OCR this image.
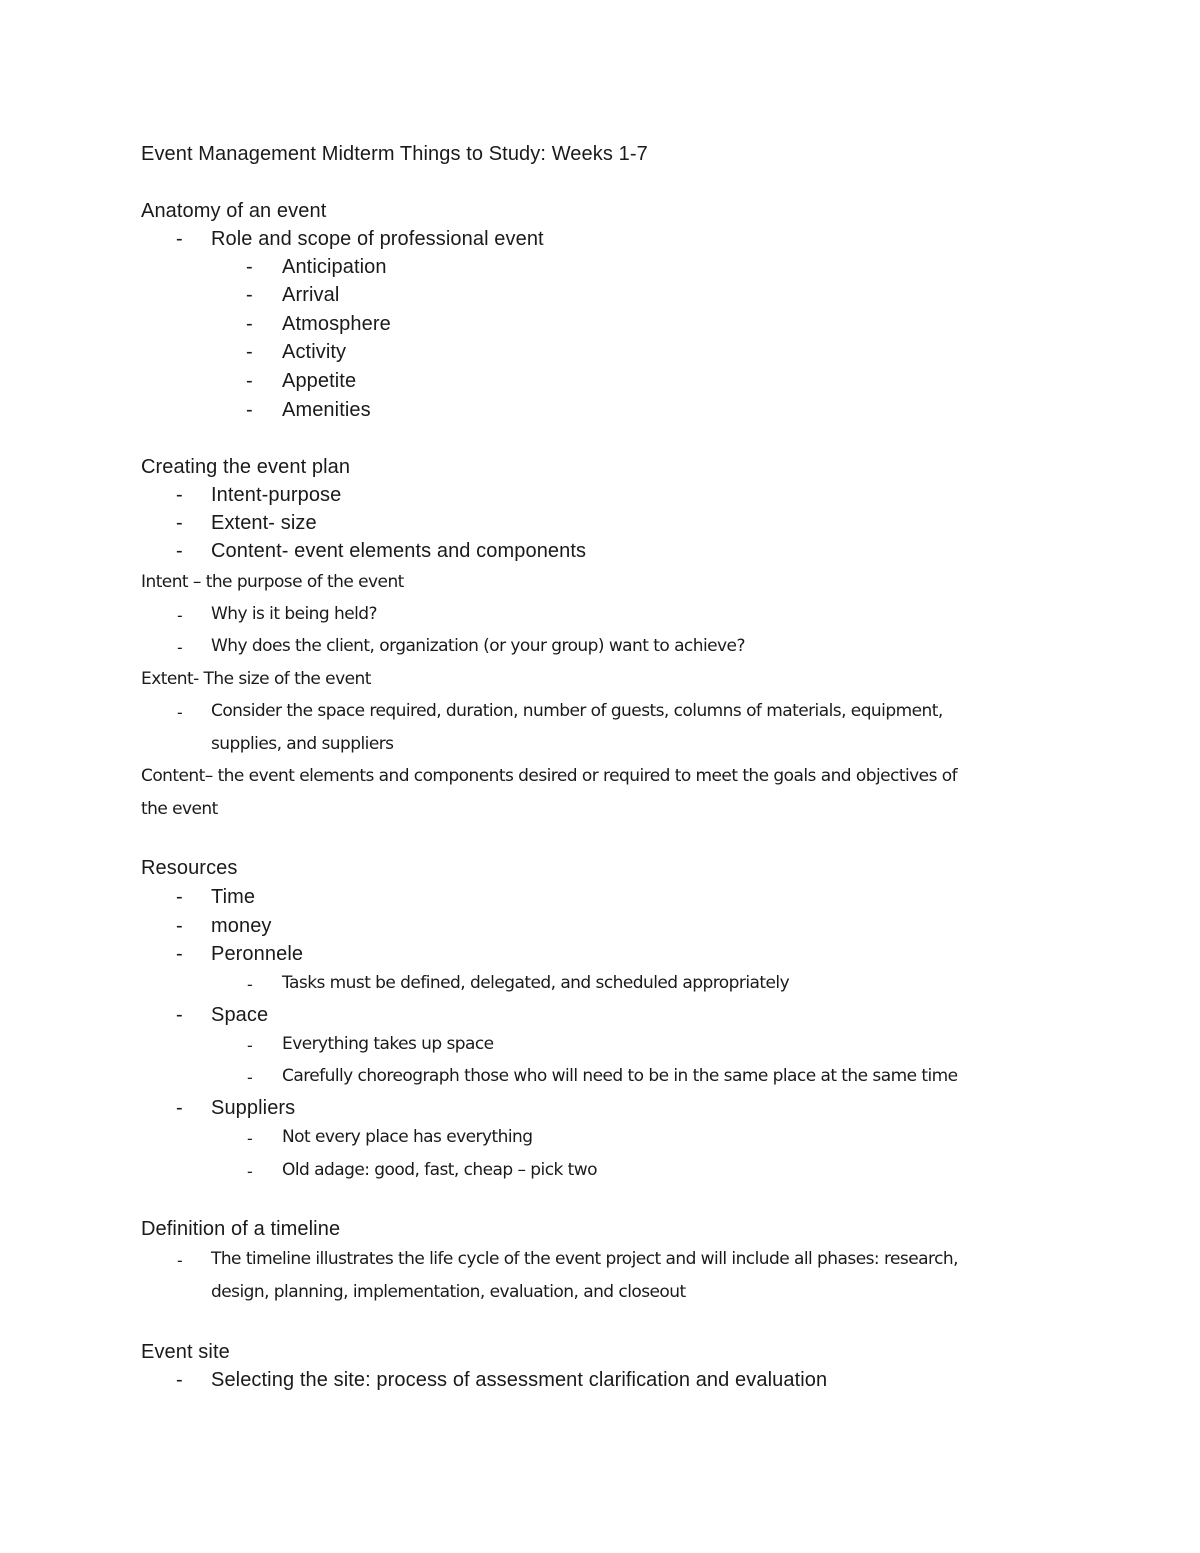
Event Management Midterm Things to Study: Weeks 1-7
Anatomy of an event
- Role and scope of professional event
- Anticipation
- Arrival
- Atmosphere
- Activity
- Appetite
- Amenities
Creating the event plan
- Intent-purpose
- Extent- size
- Content- event elements and components
Intent – the purpose of the event
- Why is it being held?
- Why does the client, organization (or your group) want to achieve?
Extent- The size of the event
- Consider the space required, duration, number of guests, columns of materials, equipment,
supplies, and suppliers
Content– the event elements and components desired or required to meet the goals and objectives of
the event
Resources
- Time
- money
- Peronnele
- Tasks must be defined, delegated, and scheduled appropriately
- Space
- Everything takes up space
- Carefully choreograph those who will need to be in the same place at the same time
- Suppliers
- Not every place has everything
- Old adage: good, fast, cheap – pick two
Definition of a timeline
- The timeline illustrates the life cycle of the event project and will include all phases: research,
design, planning, implementation, evaluation, and closeout
Event site
- Selecting the site: process of assessment clarification and evaluation
